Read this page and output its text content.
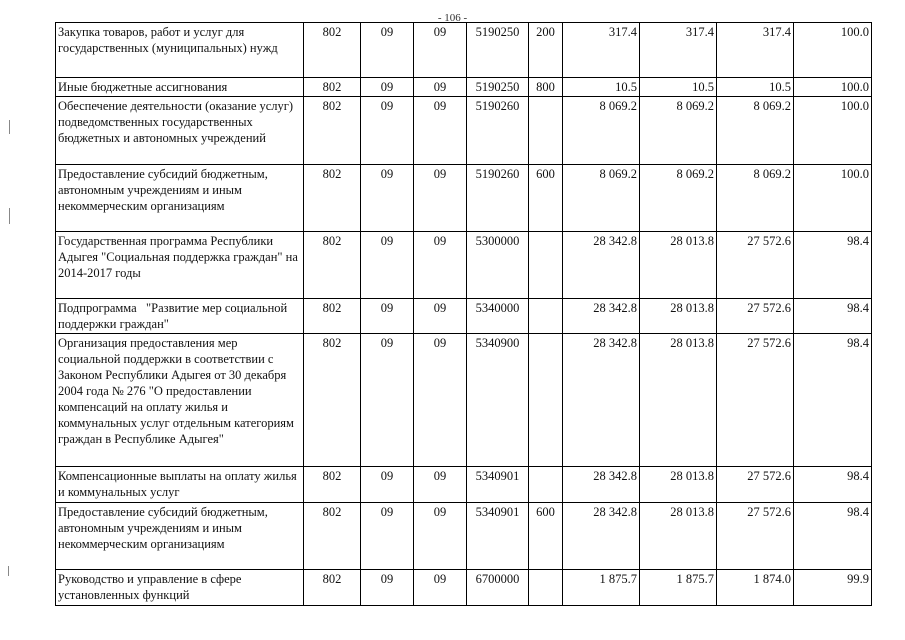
- 106 -
Закупка товаров, работ и услуг для государственных (муниципальных) нужд	802	09	09	5190250	200	317.4	317.4	317.4	100.0
Иные бюджетные ассигнования	802	09	09	5190250	800	10.5	10.5	10.5	100.0
Обеспечение деятельности (оказание услуг) подведомственных государственных бюджетных и автономных учреждений	802	09	09	5190260		8 069.2	8 069.2	8 069.2	100.0
Предоставление субсидий бюджетным, автономным учреждениям и иным некоммерческим организациям	802	09	09	5190260	600	8 069.2	8 069.2	8 069.2	100.0
Государственная программа Республики Адыгея "Социальная поддержка граждан" на 2014-2017 годы	802	09	09	5300000		28 342.8	28 013.8	27 572.6	98.4
Подпрограмма   "Развитие мер социальной поддержки граждан"	802	09	09	5340000		28 342.8	28 013.8	27 572.6	98.4
Организация предоставления мер социальной поддержки в соответствии с Законом Республики Адыгея от 30 декабря 2004 года № 276 "О предоставлении компенсаций на оплату жилья и коммунальных услуг отдельным категориям граждан в Республике Адыгея"	802	09	09	5340900		28 342.8	28 013.8	27 572.6	98.4
Компенсационные выплаты на оплату жилья и коммунальных услуг	802	09	09	5340901		28 342.8	28 013.8	27 572.6	98.4
Предоставление субсидий бюджетным, автономным учреждениям и иным некоммерческим организациям	802	09	09	5340901	600	28 342.8	28 013.8	27 572.6	98.4
Руководство и управление в сфере установленных функций	802	09	09	6700000		1 875.7	1 875.7	1 874.0	99.9
